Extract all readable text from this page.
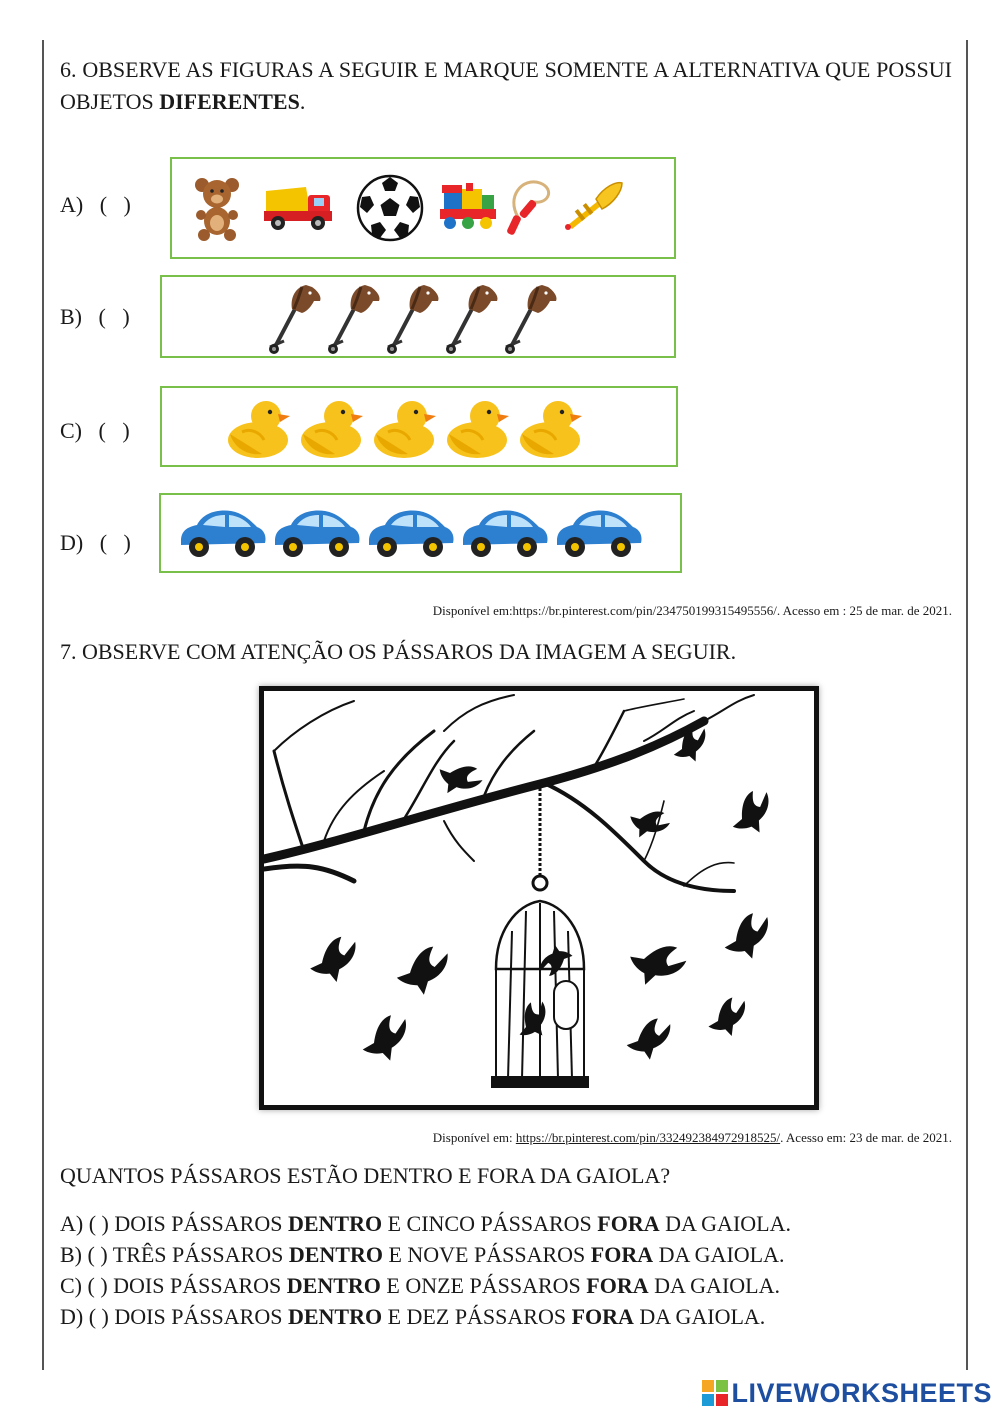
6. OBSERVE AS FIGURAS A SEGUIR E MARQUE SOMENTE A ALTERNATIVA QUE POSSUI OBJETOS DIFERENTES.
A)   (   )
B)   (   )
C)   (   )
D)   (   )
Disponível em:https://br.pinterest.com/pin/234750199315495556/. Acesso em : 25 de mar. de 2021.
7. OBSERVE COM ATENÇÃO OS PÁSSAROS DA IMAGEM A SEGUIR.
Disponível em: https://br.pinterest.com/pin/332492384972918525/. Acesso em: 23 de mar. de 2021.
QUANTOS PÁSSAROS ESTÃO DENTRO E FORA DA GAIOLA?
A) ( ) DOIS PÁSSAROS DENTRO E CINCO PÁSSAROS FORA DA GAIOLA.
B) ( ) TRÊS PÁSSAROS DENTRO E NOVE PÁSSAROS FORA DA GAIOLA.
C) ( ) DOIS PÁSSAROS DENTRO E ONZE PÁSSAROS FORA DA GAIOLA.
D) ( ) DOIS PÁSSAROS DENTRO E DEZ PÁSSAROS FORA DA GAIOLA.
LIVEWORKSHEETS
